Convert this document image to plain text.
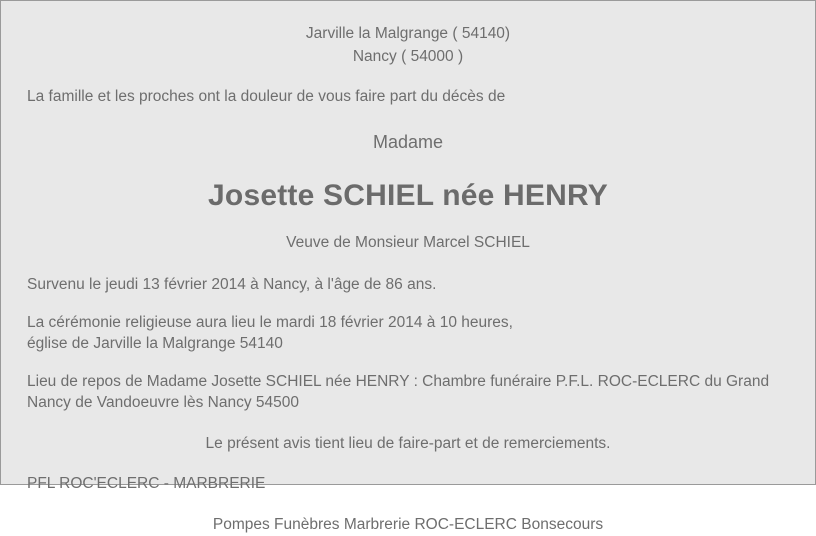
Jarville la Malgrange ( 54140)
Nancy ( 54000 )
La famille et les proches ont la douleur de vous faire part du décès de
Madame
Josette SCHIEL née HENRY
Veuve de Monsieur Marcel SCHIEL
Survenu le jeudi 13 février 2014 à Nancy, à l'âge de 86 ans.
La cérémonie religieuse aura lieu le mardi 18 février 2014 à 10 heures,
église de Jarville la Malgrange 54140
Lieu de repos de Madame Josette SCHIEL née HENRY : Chambre funéraire P.F.L. ROC-ECLERC du Grand Nancy de Vandoeuvre lès Nancy 54500
Le présent avis tient lieu de faire-part et de remerciements.
PFL ROC'ECLERC - MARBRERIE
Pompes Funèbres Marbrerie ROC-ECLERC Bonsecours
